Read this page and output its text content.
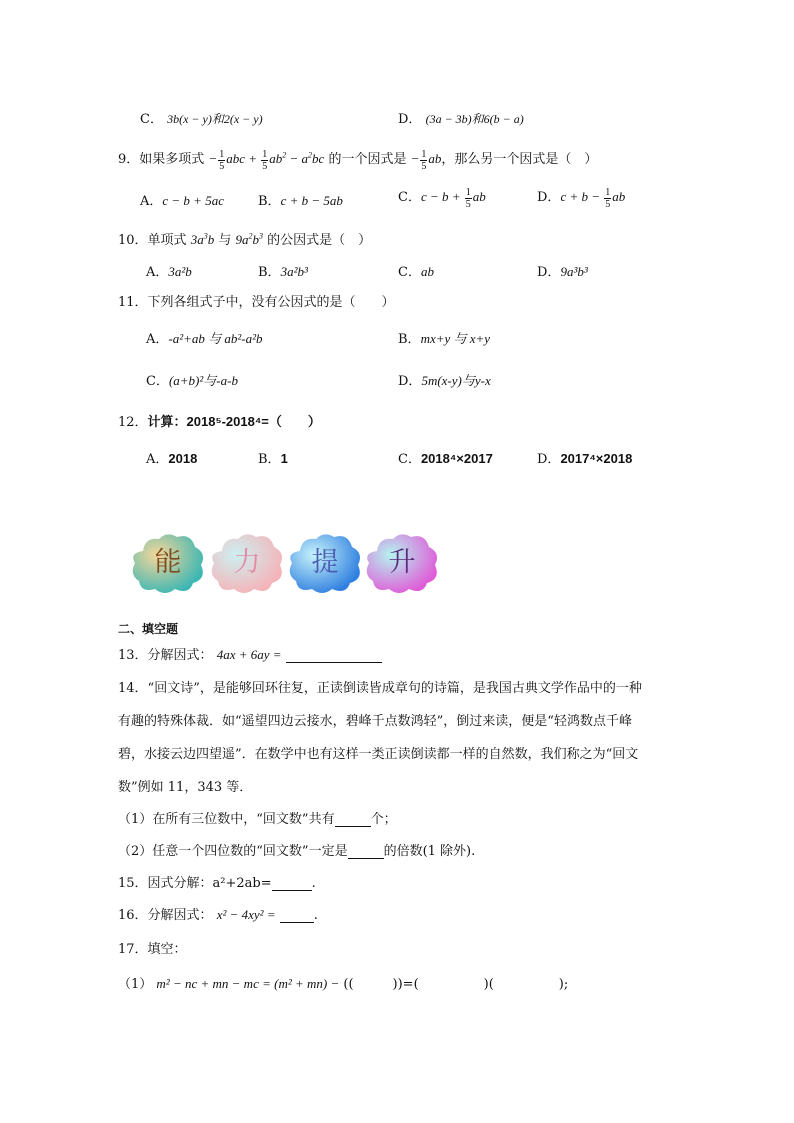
C． 3b(x − y)和2(x − y)	D． (3a − 3b)和6(b − a)
9．如果多项式 − $\frac{1}{5}$ abc + $\frac{1}{5} ab^2 - a^2bc$ 的一个因式是 − $\frac{1}{5}$ ab，那么另一个因式是（　）
A．c − b + 5ac	B．c + b − 5ab	C．$c - b + \frac{1}{5}$ ab	D．$c + b - \frac{1}{5}$ ab
10．单项式 $3a^3b$ 与 $9a^2b^3$ 的公因式是（　）
A．3a²b	B．3a²b³	C．ab	D．9a³b³
11．下列各组式子中，没有公因式的是（　　）
A．-a²+ab 与 ab²-a²b	B．mx+y 与 x+y
C．(a+b)²与-a-b	D．5m(x-y)与y-x
12．计算：2018⁵-2018⁴=（　　）
A．2018	B．1	C．2018⁴×2017	D．2017⁴×2018
能	力	提	升
二、填空题
13．分解因式： 4ax + 6ay =
14．“回文诗”，是能够回环往复，正读倒读皆成章句的诗篇，是我国古典文学作品中的一种
有趣的特殊体裁．如“遥望四边云接水，碧峰千点数鸿轻”，倒过来读，便是“轻鸿数点千峰
碧，水接云边四望遥”．在数学中也有这样一类正读倒读都一样的自然数，我们称之为“回文
数”例如 11，343 等．
（1）在所有三位数中，“回文数”共有	个；
（2）任意一个四位数的“回文数”一定是	的倍数(1 除外).
15．因式分解：a²+2ab=	.
16．分解因式： x² − 4xy² =	.
17．填空：
（1） m² − nc + mn − mc = (m² + mn) − ((　　　))=(　　　　　)(　　　　　);
